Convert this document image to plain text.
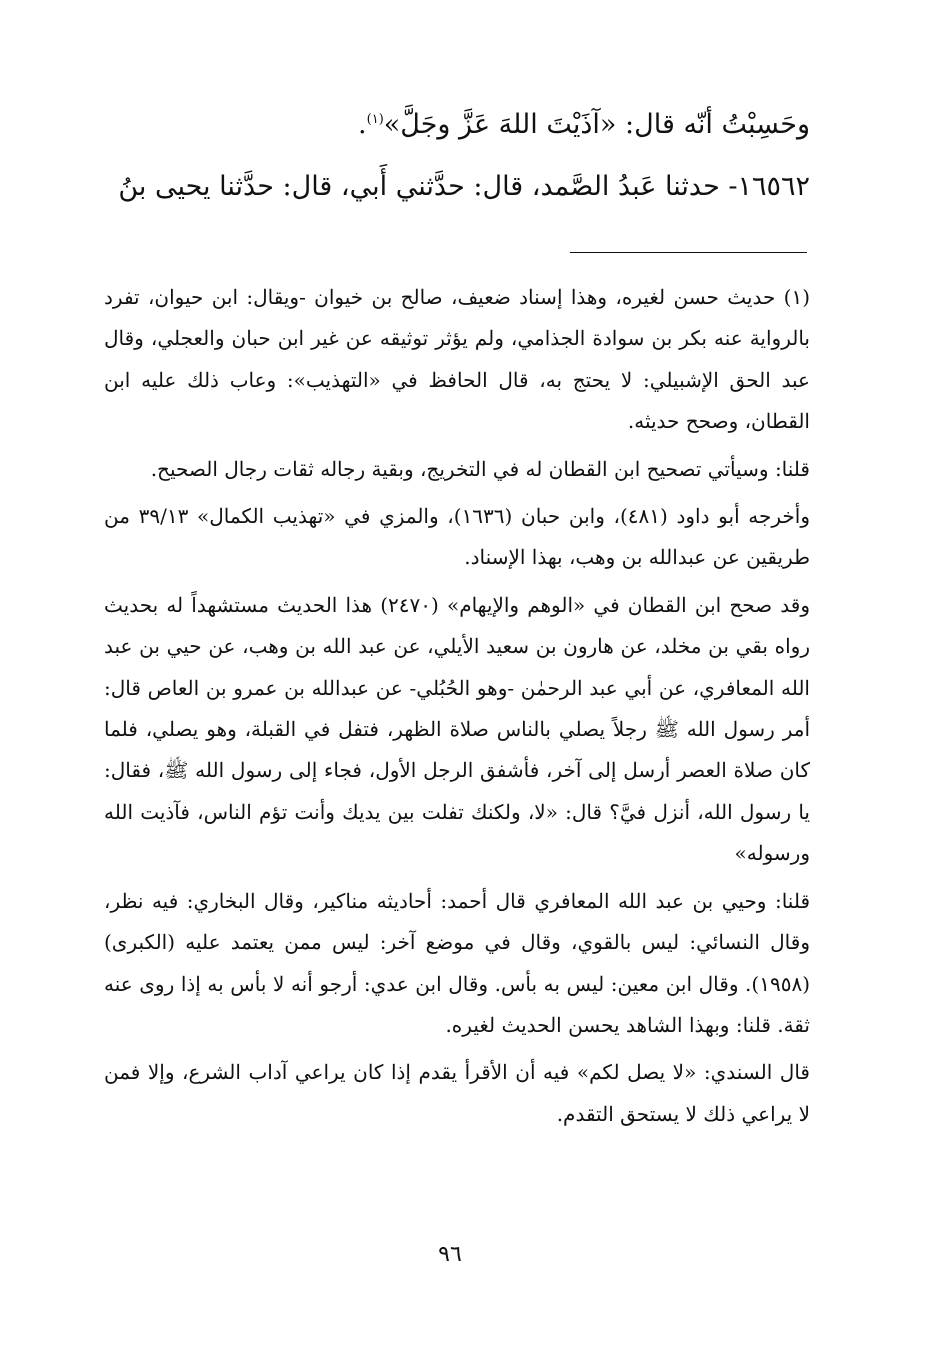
وحَسِبْتُ أنّه قال: «آذَيْتَ اللهَ عَزَّ وجَلَّ»$^{(١)}$.

١٦٥٦٢- حدثنا عَبدُ الصَّمد، قال: حدَّثني أَبي، قال: حدَّثنا يحيى بنُ

(١) حديث حسن لغيره، وهذا إسناد ضعيف، صالح بن خيوان -ويقال: ابن حيوان، تفرد بالرواية عنه بكر بن سوادة الجذامي، ولم يؤثر توثيقه عن غير ابن حبان والعجلي، وقال عبد الحق الإشبيلي: لا يحتج به، قال الحافظ في «التهذيب»: وعاب ذلك عليه ابن القطان، وصحح حديثه.

قلنا: وسيأتي تصحيح ابن القطان له في التخريج، وبقية رجاله ثقات رجال الصحيح.

وأخرجه أبو داود (٤٨١)، وابن حبان (١٦٣٦)، والمزي في «تهذيب الكمال» ٣٩/١٣ من طريقين عن عبدالله بن وهب، بهذا الإسناد.

وقد صحح ابن القطان في «الوهم والإيهام» (٢٤٧٠) هذا الحديث مستشهداً له بحديث رواه بقي بن مخلد، عن هارون بن سعيد الأيلي، عن عبد الله بن وهب، عن حيي بن عبد الله المعافري، عن أبي عبد الرحمٰن -وهو الحُبُلي- عن عبدالله بن عمرو بن العاص قال: أمر رسول الله ﷺ رجلاً يصلي بالناس صلاة الظهر، فتفل في القبلة، وهو يصلي، فلما كان صلاة العصر أرسل إلى آخر، فأشفق الرجل الأول، فجاء إلى رسول الله ﷺ، فقال: يا رسول الله، أنزل فيَّ؟ قال: «لا، ولكنك تفلت بين يديك وأنت تؤم الناس، فآذيت الله ورسوله»

قلنا: وحيي بن عبد الله المعافري قال أحمد: أحاديثه مناكير، وقال البخاري: فيه نظر، وقال النسائي: ليس بالقوي، وقال في موضع آخر: ليس ممن يعتمد عليه (الكبرى) (١٩٥٨). وقال ابن معين: ليس به بأس. وقال ابن عدي: أرجو أنه لا بأس به إذا روى عنه ثقة. قلنا: وبهذا الشاهد يحسن الحديث لغيره.

قال السندي: «لا يصل لكم» فيه أن الأقرأ يقدم إذا كان يراعي آداب الشرع، وإلا فمن لا يراعي ذلك لا يستحق التقدم.

٩٦
